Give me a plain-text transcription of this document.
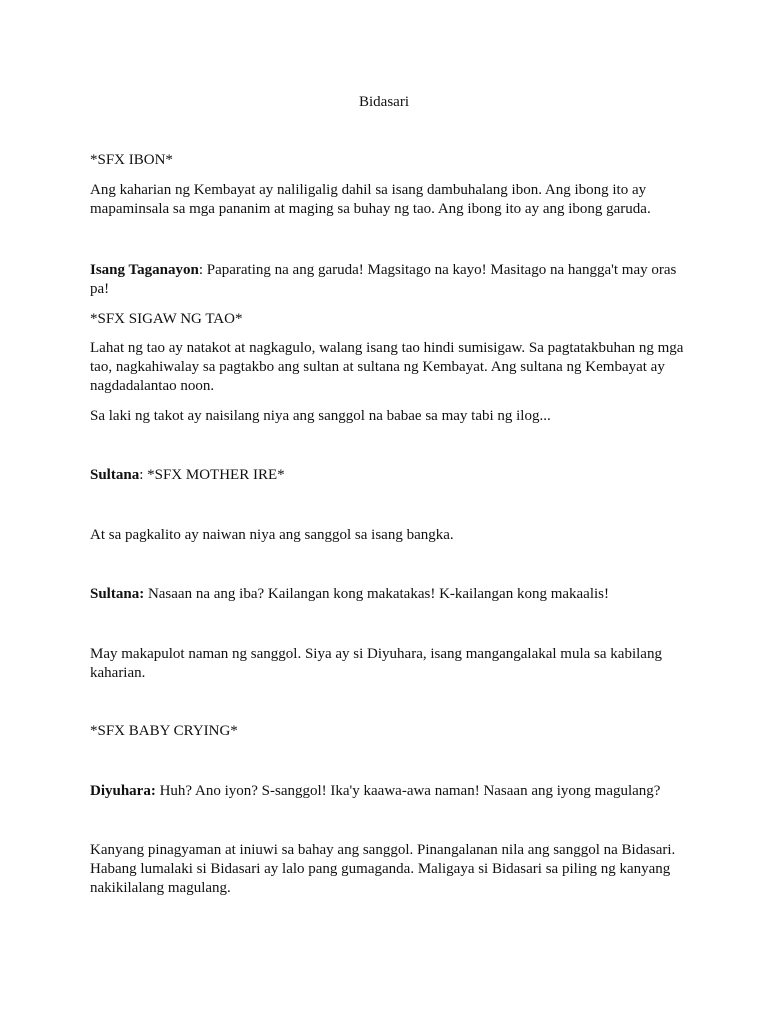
Bidasari

*SFX IBON*

Ang kaharian ng Kembayat ay naliligalig dahil sa isang dambuhalang ibon. Ang ibong ito ay mapaminsala sa mga pananim at maging sa buhay ng tao. Ang ibong ito ay ang ibong garuda.

Isang Taganayon: Paparating na ang garuda! Magsitago na kayo! Masitago na hangga't may oras pa!

*SFX SIGAW NG TAO*

Lahat ng tao ay natakot at nagkagulo, walang isang tao hindi sumisigaw. Sa pagtatakbuhan ng mga tao, nagkahiwalay sa pagtakbo ang sultan at sultana ng Kembayat. Ang sultana ng Kembayat ay nagdadalantao noon.

Sa laki ng takot ay naisilang niya ang sanggol na babae sa may tabi ng ilog...

Sultana: *SFX MOTHER IRE*

At sa pagkalito ay naiwan niya ang sanggol sa isang bangka.

Sultana: Nasaan na ang iba? Kailangan kong makatakas! K-kailangan kong makaalis!

May makapulot naman ng sanggol. Siya ay si Diyuhara, isang mangangalakal mula sa kabilang kaharian.

*SFX BABY CRYING*

Diyuhara: Huh? Ano iyon? S-sanggol! Ika'y kaawa-awa naman! Nasaan ang iyong magulang?

Kanyang pinagyaman at iniuwi sa bahay ang sanggol. Pinangalanan nila ang sanggol na Bidasari. Habang lumalaki si Bidasari ay lalo pang gumaganda. Maligaya si Bidasari sa piling ng kanyang nakikilalang magulang.
